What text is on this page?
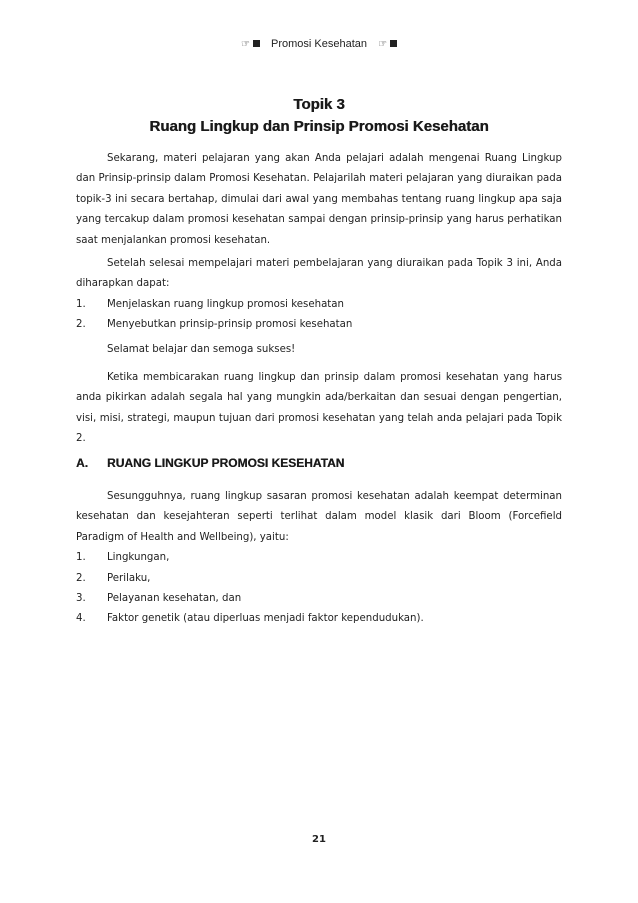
☞ Promosi Kesehatan ☞
Topik 3
Ruang Lingkup dan Prinsip Promosi Kesehatan

Sekarang, materi pelajaran yang akan Anda pelajari adalah mengenai Ruang Lingkup dan Prinsip-prinsip dalam Promosi Kesehatan. Pelajarilah materi pelajaran yang diuraikan pada topik-3 ini secara bertahap, dimulai dari awal yang membahas tentang ruang lingkup apa saja yang tercakup dalam promosi kesehatan sampai dengan prinsip-prinsip yang harus perhatikan saat menjalankan promosi kesehatan.

Setelah selesai mempelajari materi pembelajaran yang diuraikan pada Topik 3 ini, Anda diharapkan dapat:

1. Menjelaskan ruang lingkup promosi kesehatan
2. Menyebutkan prinsip-prinsip promosi kesehatan

Selamat belajar dan semoga sukses!

Ketika membicarakan ruang lingkup dan prinsip dalam promosi kesehatan yang harus anda pikirkan adalah segala hal yang mungkin ada/berkaitan dan sesuai dengan pengertian, visi, misi, strategi, maupun tujuan dari promosi kesehatan yang telah anda pelajari pada Topik 2.

A. RUANG LINGKUP PROMOSI KESEHATAN

Sesungguhnya, ruang lingkup sasaran promosi kesehatan adalah keempat determinan kesehatan dan kesejahteran seperti terlihat dalam model klasik dari Bloom (Forcefield Paradigm of Health and Wellbeing), yaitu:

1. Lingkungan,
2. Perilaku,
3. Pelayanan kesehatan, dan
4. Faktor genetik (atau diperluas menjadi faktor kependudukan).
21
